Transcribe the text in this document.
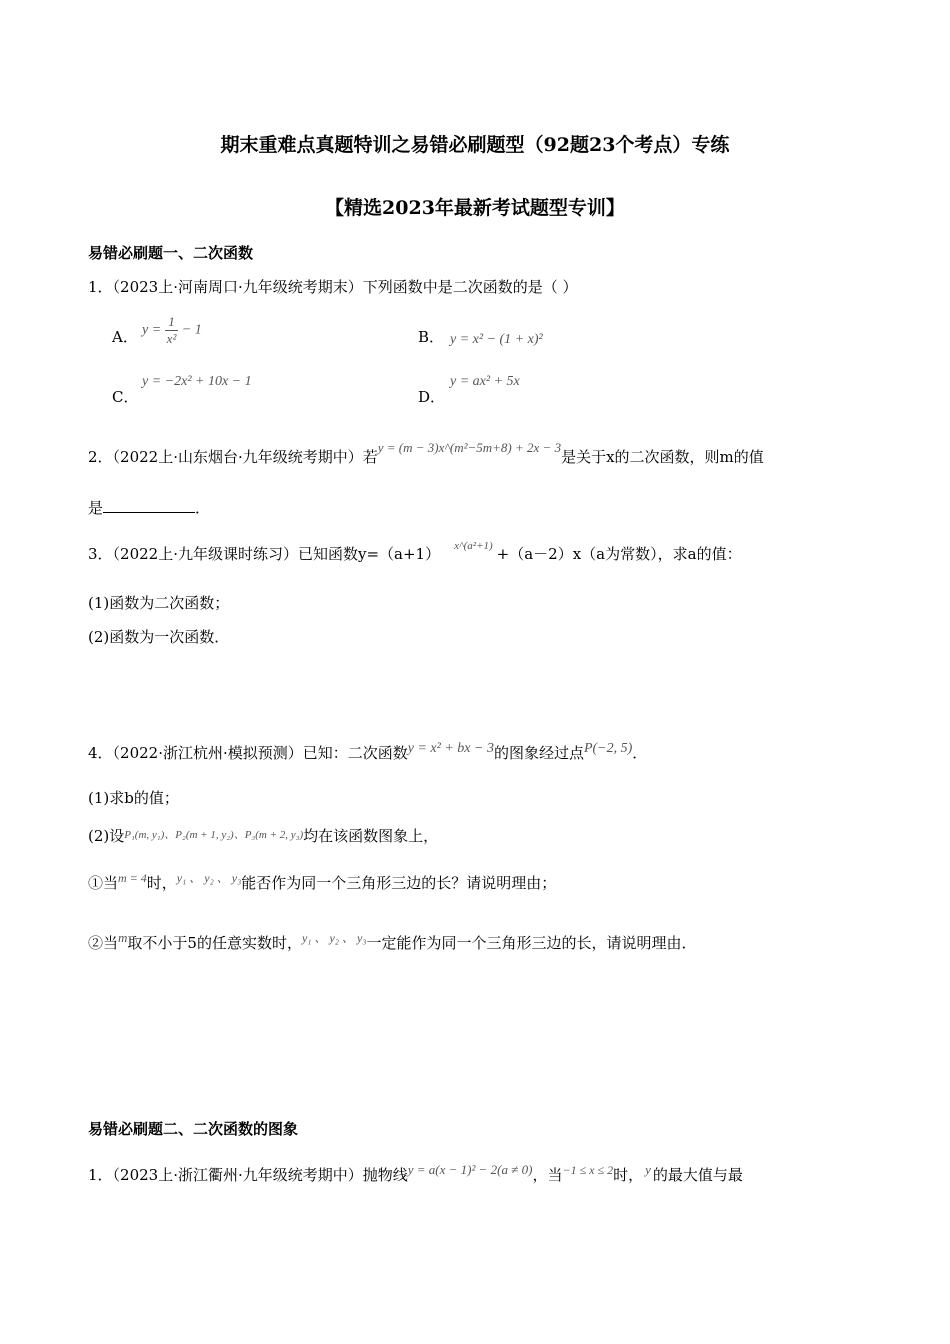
期末重难点真题特训之易错必刷题型（92题23个考点）专练
【精选2023年最新考试题型专训】
易错必刷题一、二次函数
1．（2023上·河南周口·九年级统考期末）下列函数中是二次函数的是（ ）
A． $y = \frac{1}{\text{x²}} - 1$	B． y = x² − (1 + x)²
y = −2x² + 10x − 1
C．
y = ax² + 5x
D．
2．（2022上·山东烟台·九年级统考期中）若y = (m − 3)x^(m²−5m+8) + 2x − 3是关于x的二次函数，则m的值
是	．
3．（2022上·九年级课时练习）已知函数y=（a+1） $^{x\^{}(a^2+1)}$ +（a－2）x（a为常数），求a的值：
(1)函数为二次函数；
(2)函数为一次函数．
4．（2022·浙江杭州·模拟预测）已知：二次函数y = x² + bx − 3的图象经过点P(−2, 5)．
(1)求b的值；
(2)设$^{P_1(m, y_1)、P_2(m + 1, y_2)、P_3(m + 2, y_3)}$均在该函数图象上，
①当$^{m = 4}$时，$^{y_1 、 y_2 、 y_3}$能否作为同一个三角形三边的长？请说明理由；
②当m取不小于5的任意实数时，$^{y_1 、 y_2 、 y_3}$一定能作为同一个三角形三边的长，请说明理由．
易错必刷题二、二次函数的图象
1．（2023上·浙江衢州·九年级统考期中）抛物线y = a(x − 1)² − 2(a ≠ 0)，当$^{-1 \le x \le 2}$时， y 的最大值与最
